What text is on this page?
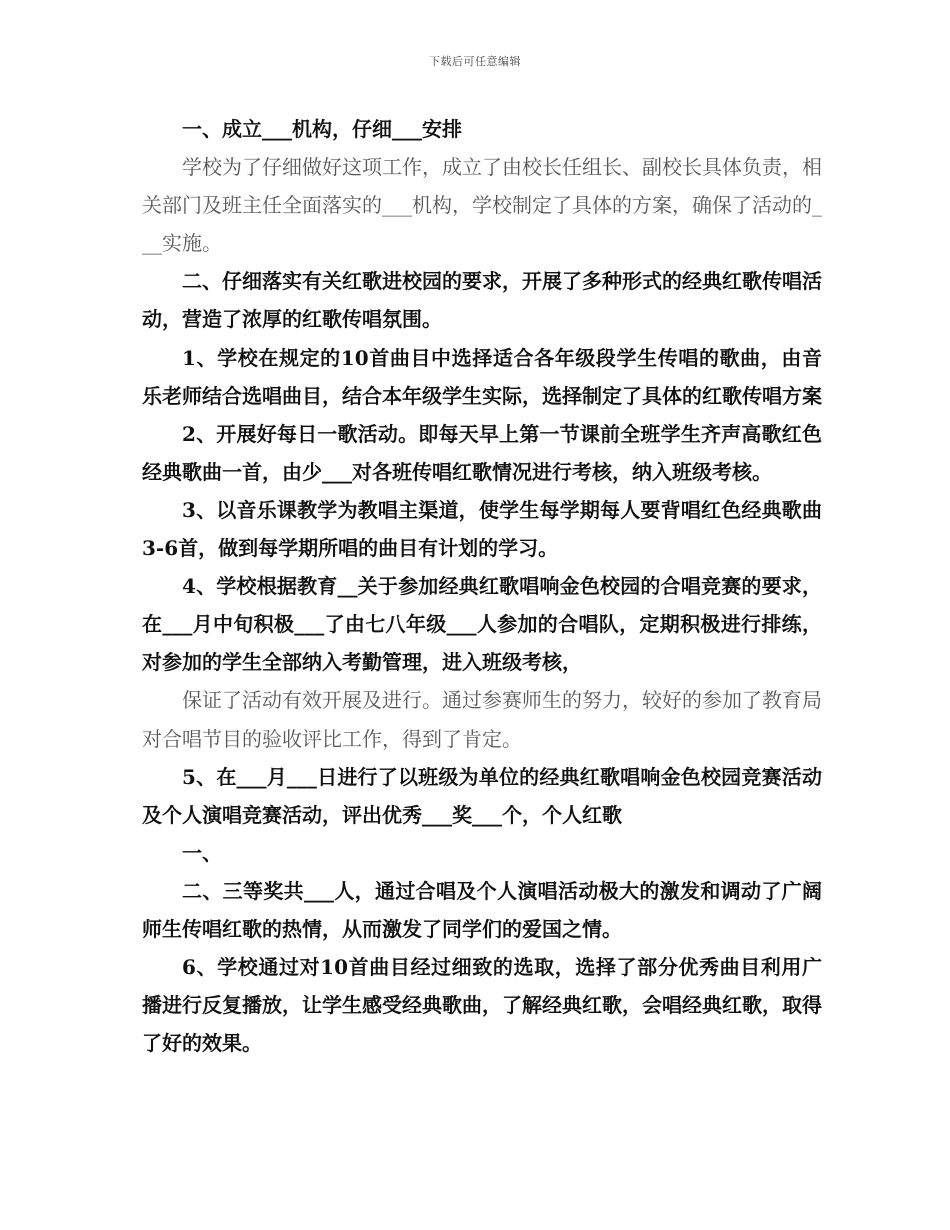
下载后可任意编辑

一、成立___机构，仔细___安排

学校为了仔细做好这项工作，成立了由校长任组长、副校长具体负责，相关部门及班主任全面落实的___机构，学校制定了具体的方案，确保了活动的___实施。

二、仔细落实有关红歌进校园的要求，开展了多种形式的经典红歌传唱活动，营造了浓厚的红歌传唱氛围。

1、学校在规定的10首曲目中选择适合各年级段学生传唱的歌曲，由音乐老师结合选唱曲目，结合本年级学生实际，选择制定了具体的红歌传唱方案

2、开展好每日一歌活动。即每天早上第一节课前全班学生齐声高歌红色经典歌曲一首，由少___对各班传唱红歌情况进行考核，纳入班级考核。

3、以音乐课教学为教唱主渠道，使学生每学期每人要背唱红色经典歌曲3-6首，做到每学期所唱的曲目有计划的学习。

4、学校根据教育__关于参加经典红歌唱响金色校园的合唱竞赛的要求，在___月中旬积极___了由七八年级___人参加的合唱队，定期积极进行排练，对参加的学生全部纳入考勤管理，进入班级考核，

保证了活动有效开展及进行。通过参赛师生的努力，较好的参加了教育局对合唱节目的验收评比工作，得到了肯定。

5、在___月___日进行了以班级为单位的经典红歌唱响金色校园竞赛活动及个人演唱竞赛活动，评出优秀___奖___个，个人红歌

一、

二、三等奖共___人，通过合唱及个人演唱活动极大的激发和调动了广阔师生传唱红歌的热情，从而激发了同学们的爱国之情。

6、学校通过对10首曲目经过细致的选取，选择了部分优秀曲目利用广播进行反复播放，让学生感受经典歌曲，了解经典红歌，会唱经典红歌，取得了好的效果。
